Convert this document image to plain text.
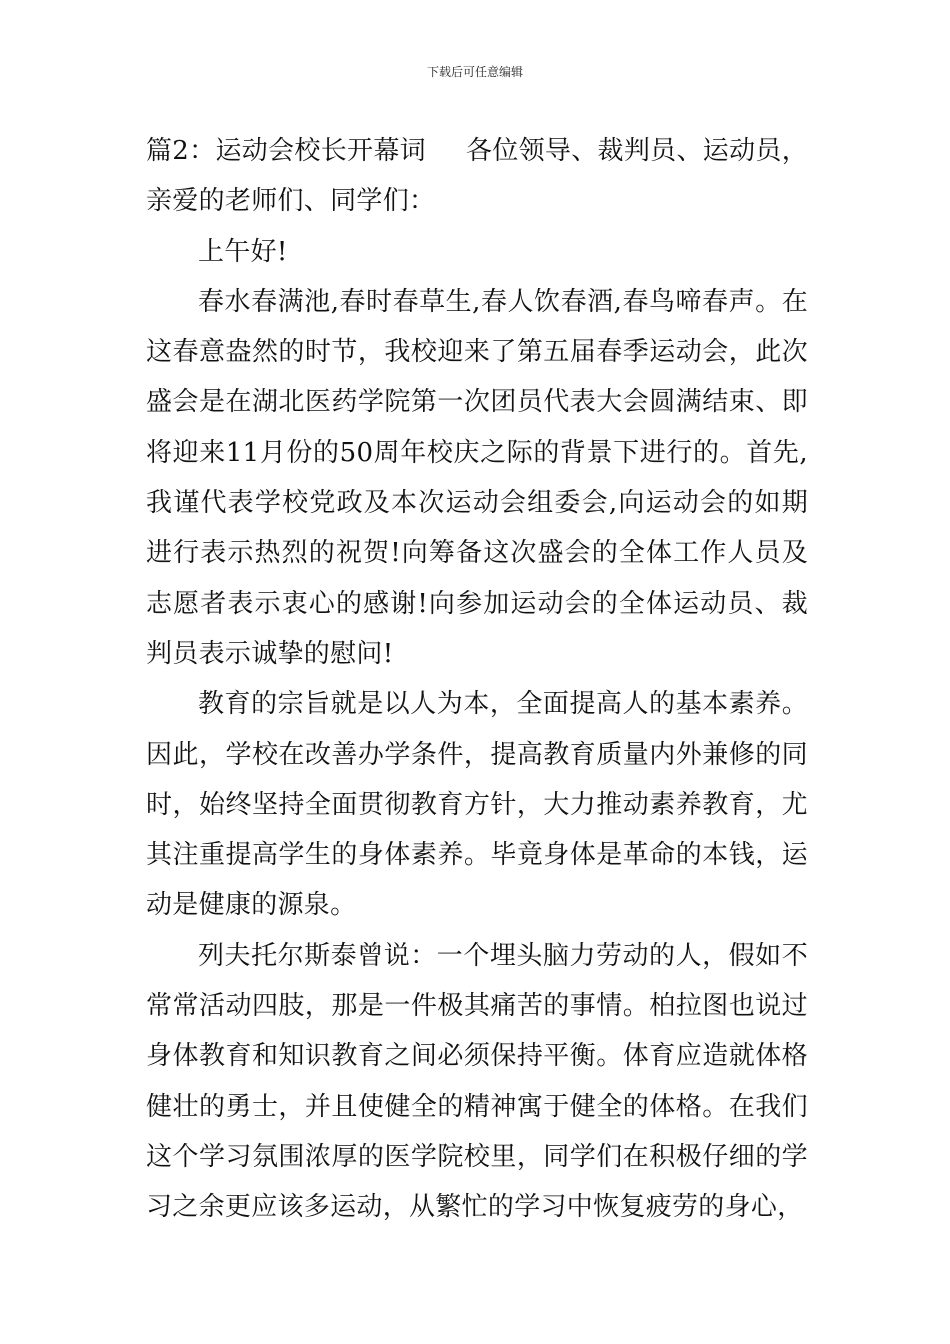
下载后可任意编辑

篇2：运动会校长开幕词 各位领导、裁判员、运动员，亲爱的老师们、同学们：

上午好!

春水春满池,春时春草生,春人饮春酒,春鸟啼春声。在这春意盎然的时节，我校迎来了第五届春季运动会，此次盛会是在湖北医药学院第一次团员代表大会圆满结束、即将迎来11月份的50周年校庆之际的背景下进行的。首先,我谨代表学校党政及本次运动会组委会,向运动会的如期进行表示热烈的祝贺!向筹备这次盛会的全体工作人员及志愿者表示衷心的感谢!向参加运动会的全体运动员、裁判员表示诚挚的慰问!

教育的宗旨就是以人为本，全面提高人的基本素养。因此，学校在改善办学条件，提高教育质量内外兼修的同时，始终坚持全面贯彻教育方针，大力推动素养教育，尤其注重提高学生的身体素养。毕竟身体是革命的本钱，运动是健康的源泉。

列夫托尔斯泰曾说：一个埋头脑力劳动的人，假如不常常活动四肢，那是一件极其痛苦的事情。柏拉图也说过身体教育和知识教育之间必须保持平衡。体育应造就体格健壮的勇士，并且使健全的精神寓于健全的体格。在我们这个学习氛围浓厚的医学院校里，同学们在积极仔细的学习之余更应该多运动，从繁忙的学习中恢复疲劳的身心，
